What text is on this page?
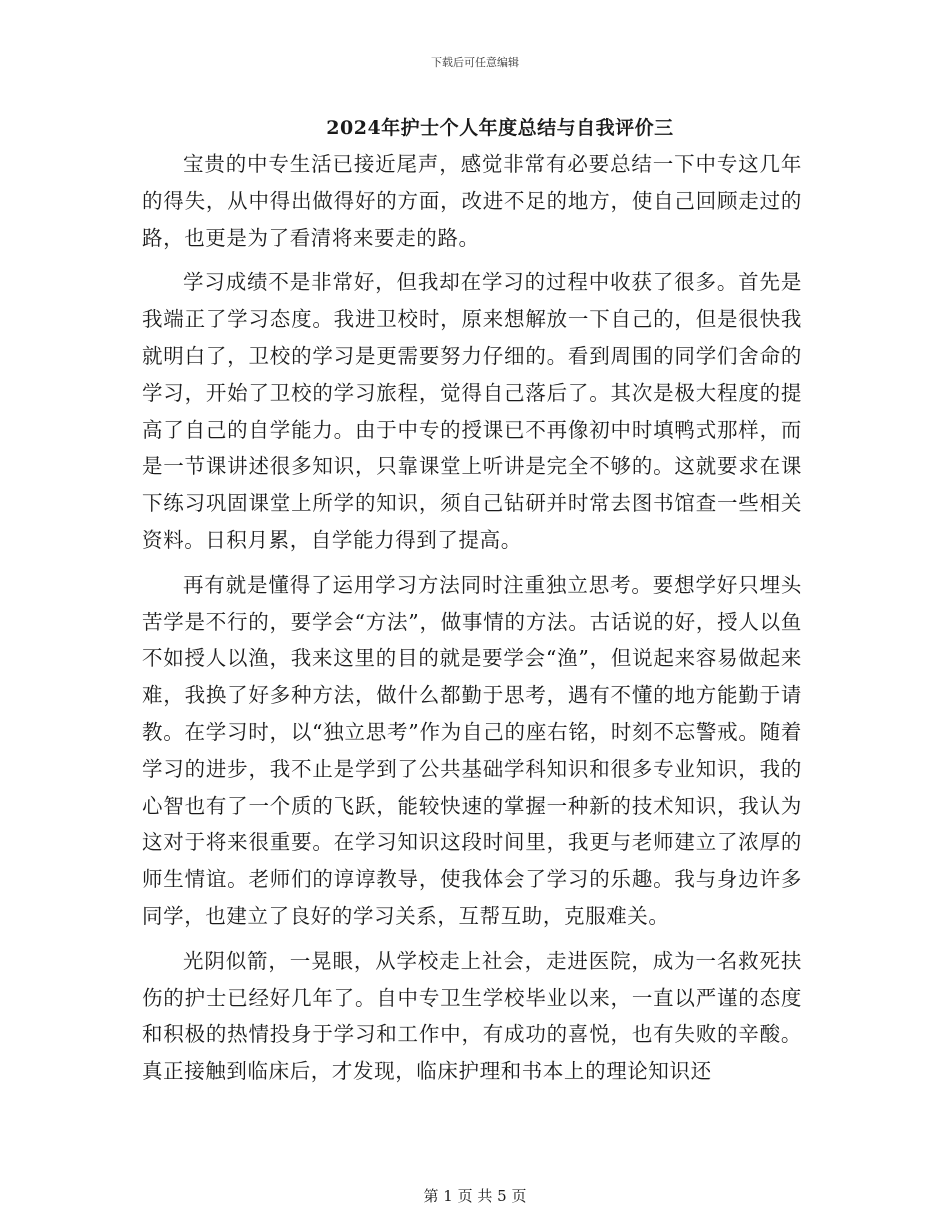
下载后可任意编辑
2024年护士个人年度总结与自我评价三

宝贵的中专生活已接近尾声，感觉非常有必要总结一下中专这几年的得失，从中得出做得好的方面，改进不足的地方，使自己回顾走过的路，也更是为了看清将来要走的路。

学习成绩不是非常好，但我却在学习的过程中收获了很多。首先是我端正了学习态度。我进卫校时，原来想解放一下自己的，但是很快我就明白了，卫校的学习是更需要努力仔细的。看到周围的同学们舍命的学习，开始了卫校的学习旅程，觉得自己落后了。其次是极大程度的提高了自己的自学能力。由于中专的授课已不再像初中时填鸭式那样，而是一节课讲述很多知识，只靠课堂上听讲是完全不够的。这就要求在课下练习巩固课堂上所学的知识，须自己钻研并时常去图书馆查一些相关资料。日积月累，自学能力得到了提高。

再有就是懂得了运用学习方法同时注重独立思考。要想学好只埋头苦学是不行的，要学会“方法”，做事情的方法。古话说的好，授人以鱼不如授人以渔，我来这里的目的就是要学会“渔”，但说起来容易做起来难，我换了好多种方法，做什么都勤于思考，遇有不懂的地方能勤于请教。在学习时，以“独立思考”作为自己的座右铭，时刻不忘警戒。随着学习的进步，我不止是学到了公共基础学科知识和很多专业知识，我的心智也有了一个质的飞跃，能较快速的掌握一种新的技术知识，我认为这对于将来很重要。在学习知识这段时间里，我更与老师建立了浓厚的师生情谊。老师们的谆谆教导，使我体会了学习的乐趣。我与身边许多同学，也建立了良好的学习关系，互帮互助，克服难关。

光阴似箭，一晃眼，从学校走上社会，走进医院，成为一名救死扶伤的护士已经好几年了。自中专卫生学校毕业以来，一直以严谨的态度和积极的热情投身于学习和工作中，有成功的喜悦，也有失败的辛酸。真正接触到临床后，才发现，临床护理和书本上的理论知识还

第 1 页 共 5 页
